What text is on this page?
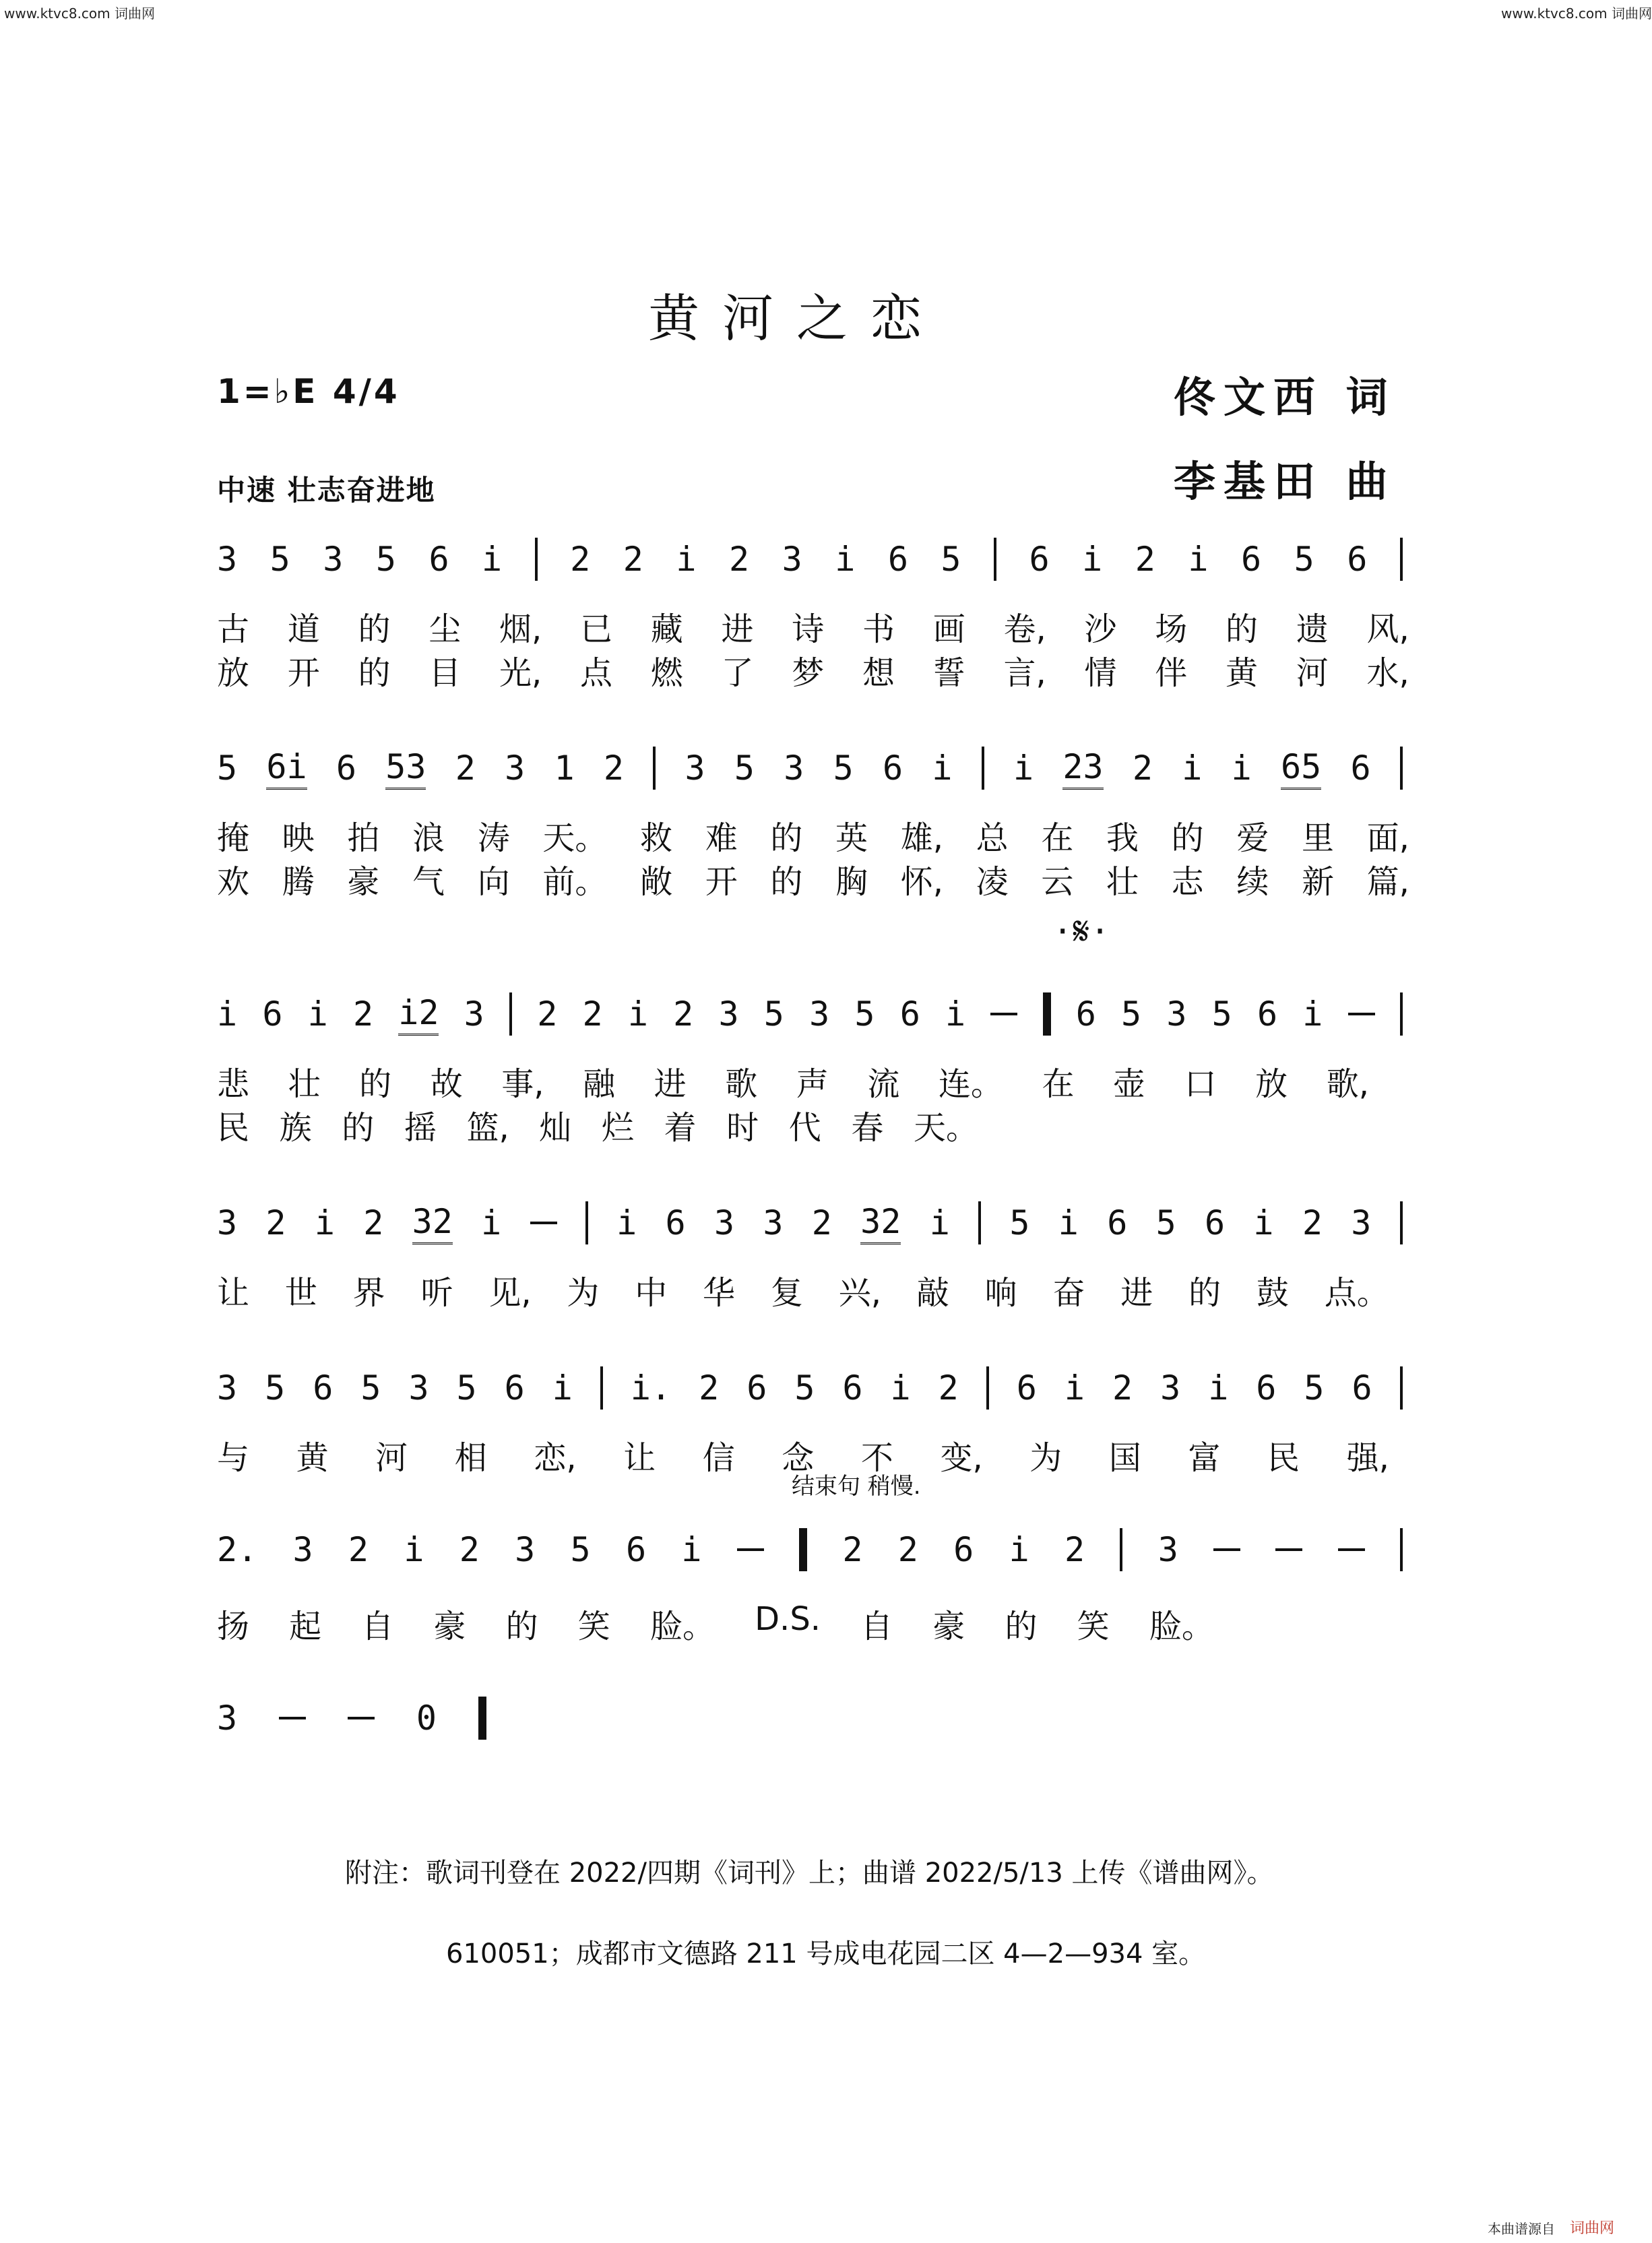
www.ktvc8.com 词曲网	www.ktvc8.com 词曲网
黄河之恋
1=♭E 4/4	佟文西 词
李基田 曲
中速 壮志奋进地
3 5 3 5 6 i 2 2 i 2 3 i 6 5 6 i 2 i 6 5 6
古 道 的 尘 烟, 已 藏 进 诗 书 画 卷, 沙 场 的 遗 风,
放 开 的 目 光, 点 燃 了 梦 想 誓 言, 情 伴 黄 河 水,
5 6i 6 53 2 3 1 2 3 5 3 5 6 i i 23 2 i i 65 6
掩 映 拍 浪 涛 天。 救 难 的 英 雄, 总 在 我 的 爱 里 面,
欢 腾 豪 气 向 前。 敞 开 的 胸 怀, 凌 云 壮 志 续 新 篇,
·𝄋·
i 6 i 2 i2 3 2 2 i 2 3 5 3 5 6 i	6 5 3 5 6 i
悲 壮 的 故 事, 融 进 歌 声 流 连。 在 壶 口 放 歌,
民 族 的 摇 篮, 灿 烂 着 时 代 春 天。
3 2 i 2 32 i	i 6 3 3 2 32 i 5 i 6 5 6 i 2 3
让 世 界 听 见, 为 中 华 复 兴, 敲 响 奋 进 的 鼓 点。
3 5 6 5 3 5 6 i i. 2 6 5 6 i 2 6 i 2 3 i 6 5 6
与 黄 河 相 恋, 让 信 念 不 变, 为 国 富 民 强,
结束句 稍慢.
2. 3 2 i 2 3 5 6 i	2 2 6 i 2 3
扬 起 自 豪 的 笑 脸。 D.S. 自 豪 的 笑 脸。
3	0
附注：歌词刊登在 2022/四期《词刊》上；曲谱 2022/5/13 上传《谱曲网》。
610051；成都市文德路 211 号成电花园二区 4—2—934 室。
本曲谱源自 词曲网
